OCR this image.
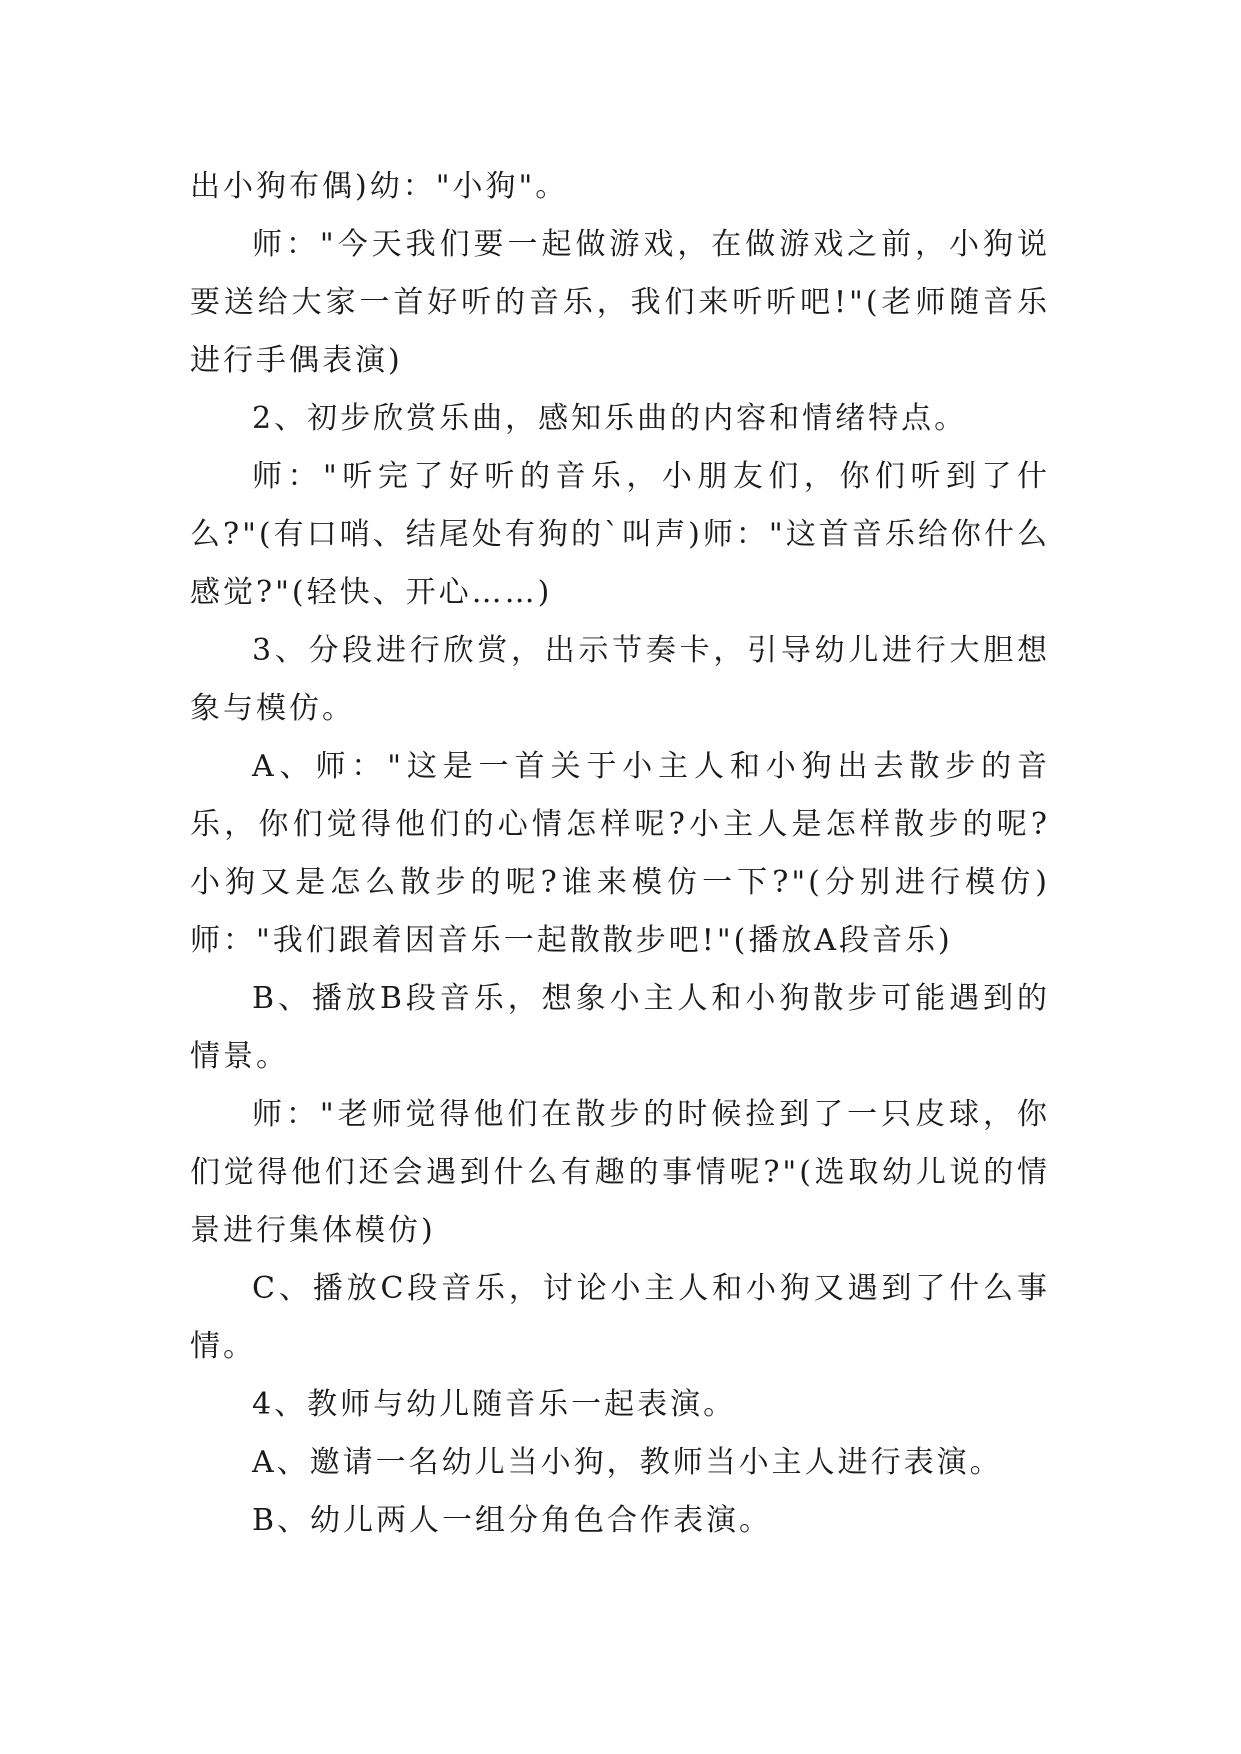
出小狗布偶)幼："小狗"。

师："今天我们要一起做游戏，在做游戏之前，小狗说要送给大家一首好听的音乐，我们来听听吧!"(老师随音乐进行手偶表演)

2、初步欣赏乐曲，感知乐曲的内容和情绪特点。

师："听完了好听的音乐，小朋友们，你们听到了什么?"(有口哨、结尾处有狗的`叫声)师："这首音乐给你什么感觉?"(轻快、开心……)

3、分段进行欣赏，出示节奏卡，引导幼儿进行大胆想象与模仿。

A、师："这是一首关于小主人和小狗出去散步的音乐，你们觉得他们的心情怎样呢?小主人是怎样散步的呢?小狗又是怎么散步的呢?谁来模仿一下?"(分别进行模仿)师："我们跟着因音乐一起散散步吧!"(播放A段音乐)

B、播放B段音乐，想象小主人和小狗散步可能遇到的情景。

师："老师觉得他们在散步的时候捡到了一只皮球，你们觉得他们还会遇到什么有趣的事情呢?"(选取幼儿说的情景进行集体模仿)

C、播放C段音乐，讨论小主人和小狗又遇到了什么事情。

4、教师与幼儿随音乐一起表演。

A、邀请一名幼儿当小狗，教师当小主人进行表演。

B、幼儿两人一组分角色合作表演。
